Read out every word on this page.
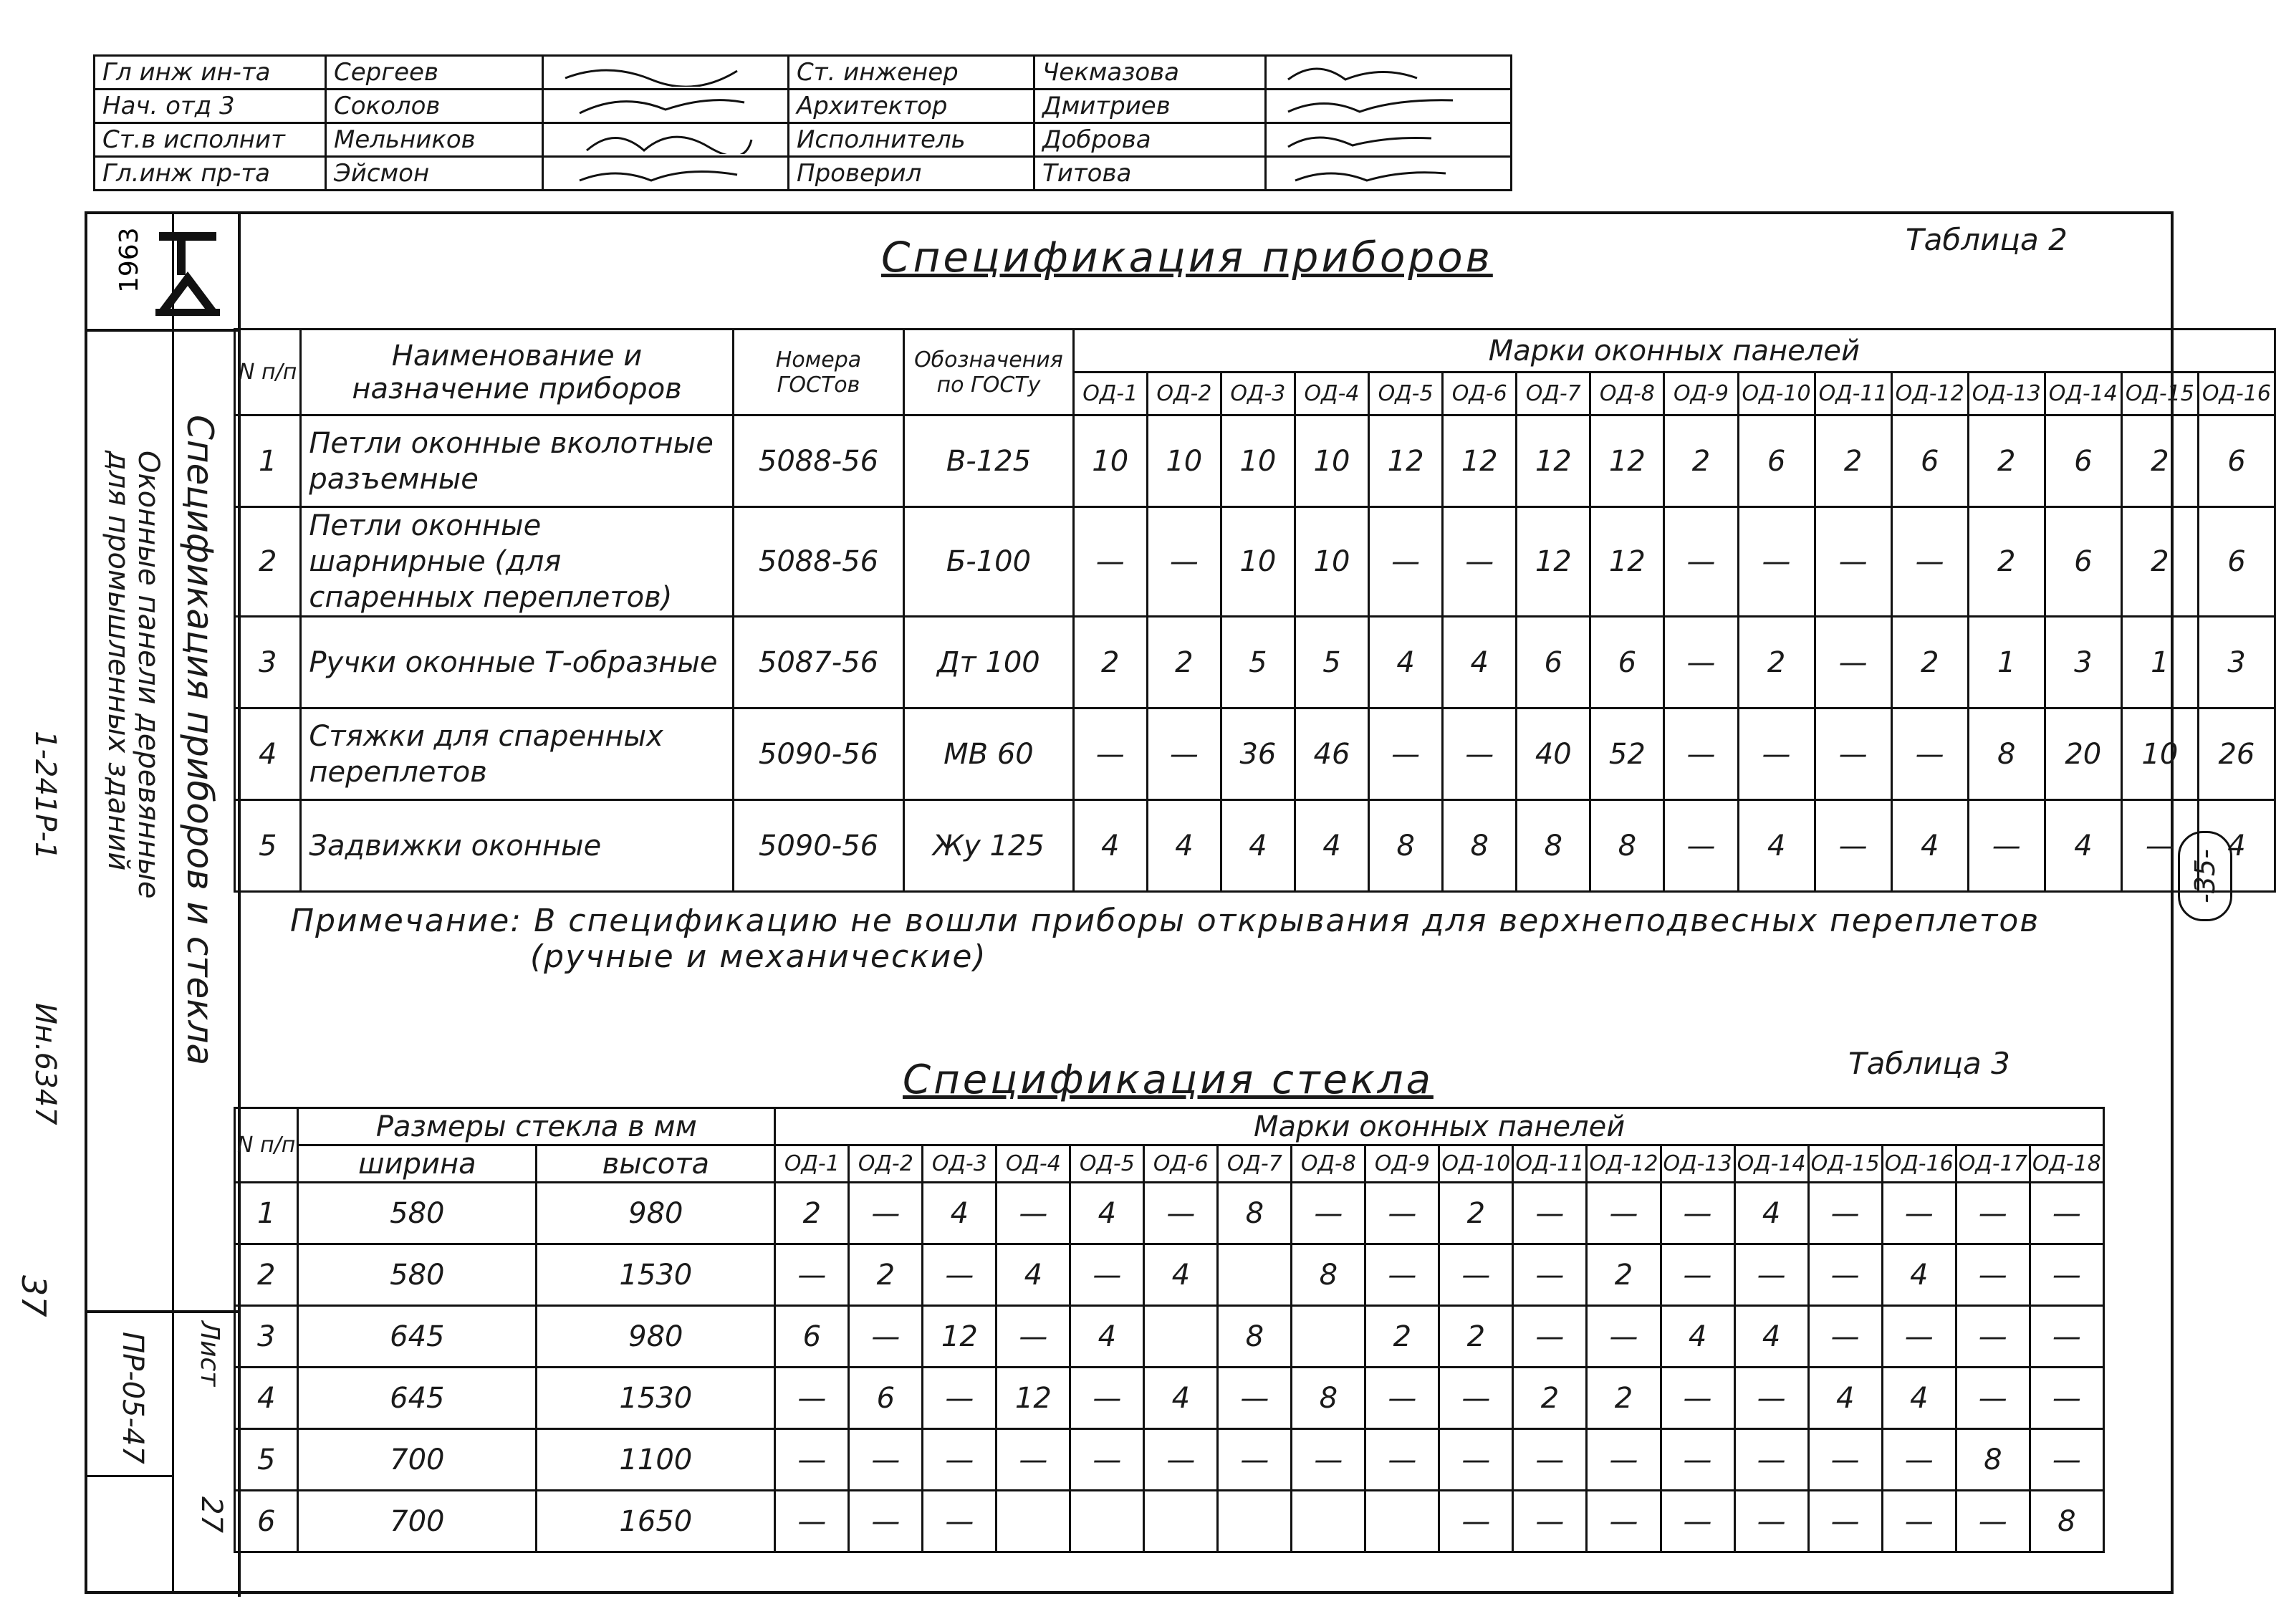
Гл инж ин-та	Сергеев		Ст. инженер	Чекмазова	

Нач. отд 3	Соколов		Архитектор	Дмитриев	

Ст.в исполнит	Мельников		Исполнитель	Доброва	

Гл.инж пр-та	Эйсмон		Проверил	Титова	
1963
Спецификация приборов и стекла
Оконные панели деревянные
для промышленных зданий
Лист
27
ПР-05-47
1-241Р-1
Ин.6347
37
Спецификация приборов	Таблица 2
N п/п	Наименование и назначение приборов	Номера ГОСТов	Обозначения по ГОСТу	Марки оконных панелей															
				ОД-1	ОД-2	ОД-3	ОД-4	ОД-5	ОД-6	ОД-7	ОД-8	ОД-9	ОД-10	ОД-11	ОД-12	ОД-13	ОД-14	ОД-15	ОД-16
1	Петли оконные вколотные разъемные	5088-56	В-125	10	10	10	10	12	12	12	12	2	6	2	6	2	6	2	6
2	Петли оконные шарнирные (для спаренных переплетов)	5088-56	Б-100	—	—	10	10	—	—	12	12	—	—	—	—	2	6	2	6
3	Ручки оконные Т-образные	5087-56	Дт 100	2	2	5	5	4	4	6	6	—	2	—	2	1	3	1	3
4	Стяжки для спаренных переплетов	5090-56	МВ 60	—	—	36	46	—	—	40	52	—	—	—	—	8	20	10	26
5	Задвижки оконные	5090-56	Жу 125	4	4	4	4	8	8	8	8	—	4	—	4	—	4	—	4
Примечание: В спецификацию не вошли приборы открывания для верхнеподвесных переплетов
(ручные и механические)
Спецификация стекла	Таблица 3
N п/п	Размеры стекла в мм		Марки оконных панелей																	
	ширина	высота	ОД-1	ОД-2	ОД-3	ОД-4	ОД-5	ОД-6	ОД-7	ОД-8	ОД-9	ОД-10	ОД-11	ОД-12	ОД-13	ОД-14	ОД-15	ОД-16	ОД-17	ОД-18
1	580	980	2	—	4	—	4	—	8	—	—	2	—	—	—	4	—	—	—	—
2	580	1530	—	2	—	4	—	4		8	—	—	—	2	—	—	—	4	—	—
3	645	980	6	—	12	—	4		8		2	2	—	—	4	4	—	—	—	—
4	645	1530	—	6	—	12	—	4	—	8	—	—	2	2	—	—	4	4	—	—
5	700	1100	—	—	—	—	—	—	—	—	—	—	—	—	—	—	—	—	8	—
6	700	1650	—	—	—							—	—	—	—	—	—	—	—	8
-35-
